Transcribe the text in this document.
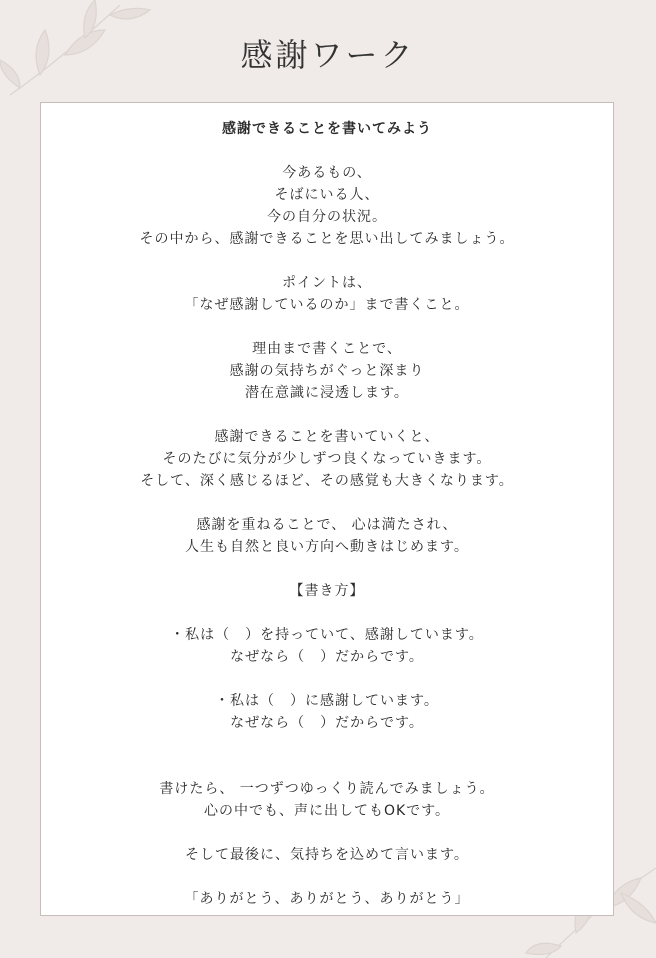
感謝ワーク

感謝できることを書いてみよう

今あるもの、
そばにいる人、
今の自分の状況。
その中から、感謝できることを思い出してみましょう。
ポイントは、
「なぜ感謝しているのか」まで書くこと。
理由まで書くことで、
感謝の気持ちがぐっと深まり
潜在意識に浸透します。
感謝できることを書いていくと、
そのたびに気分が少しずつ良くなっていきます。
そして、深く感じるほど、その感覚も大きくなります。
感謝を重ねることで、 心は満たされ、
人生も自然と良い方向へ動きはじめます。

【書き方】

・私は（　）を持っていて、感謝しています。
なぜなら（　）だからです。
・私は（　）に感謝しています。
なぜなら（　）だからです。
書けたら、 一つずつゆっくり読んでみましょう。
心の中でも、声に出してもOKです。

そして最後に、気持ちを込めて言います。

「ありがとう、ありがとう、ありがとう」
